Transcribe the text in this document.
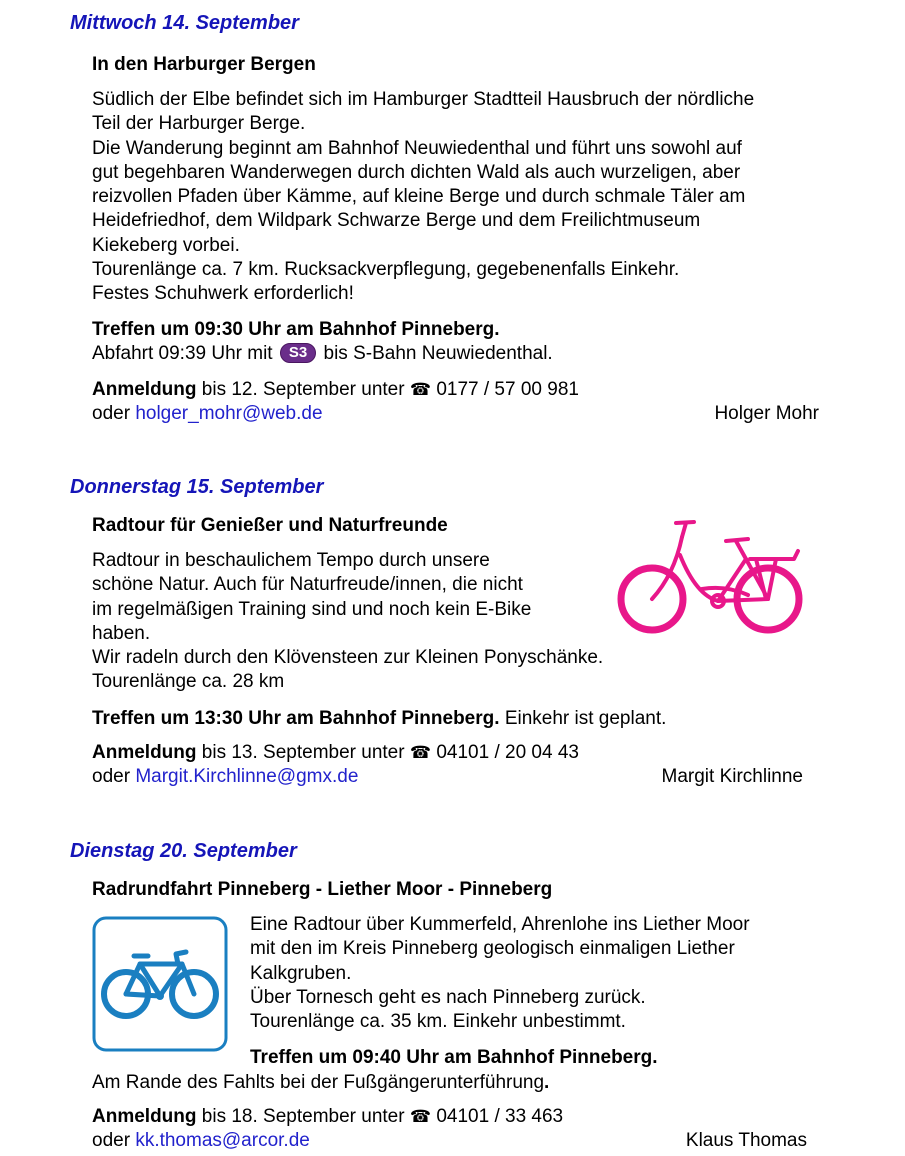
Mittwoch 14. September
In den Harburger Bergen
Südlich der Elbe befindet sich im Hamburger Stadtteil Hausbruch der nördliche
Teil der Harburger Berge.
Die Wanderung beginnt am Bahnhof Neuwiedenthal und führt uns sowohl auf
gut begehbaren Wanderwegen durch dichten Wald als auch wurzeligen, aber
reizvollen Pfaden über Kämme, auf kleine Berge und durch schmale Täler am
Heidefriedhof, dem Wildpark Schwarze Berge und dem Freilichtmuseum
Kiekeberg vorbei.
Tourenlänge ca. 7 km. Rucksackverpflegung, gegebenenfalls Einkehr.
Festes Schuhwerk erforderlich!
Treffen um 09:30 Uhr am Bahnhof Pinneberg.
Abfahrt 09:39 Uhr mit S3 bis S-Bahn Neuwiedenthal.
Anmeldung bis 12. September unter ☎ 0177 / 57 00 981
oder holger_mohr@web.de	Holger Mohr
Donnerstag 15. September
Radtour für Genießer und Naturfreunde
Radtour in beschaulichem Tempo durch unsere
schöne Natur. Auch für Naturfreude/innen, die nicht
im regelmäßigen Training sind und noch kein E-Bike
haben.
Wir radeln durch den Klövensteen zur Kleinen Ponyschänke.
Tourenlänge ca. 28 km
Treffen um 13:30 Uhr am Bahnhof Pinneberg. Einkehr ist geplant.
Anmeldung bis 13. September unter ☎ 04101 / 20 04 43
oder Margit.Kirchlinne@gmx.de	Margit Kirchlinne
Dienstag 20. September
Radrundfahrt Pinneberg - Liether Moor - Pinneberg
Eine Radtour über Kummerfeld, Ahrenlohe ins Liether Moor
mit den im Kreis Pinneberg geologisch einmaligen Liether
Kalkgruben.
Über Tornesch geht es nach Pinneberg zurück.
Tourenlänge ca. 35 km. Einkehr unbestimmt.
Treffen um 09:40 Uhr am Bahnhof Pinneberg.
Am Rande des Fahlts bei der Fußgängerunterführung.
Anmeldung bis 18. September unter ☎ 04101 / 33 463
oder kk.thomas@arcor.de	Klaus Thomas
